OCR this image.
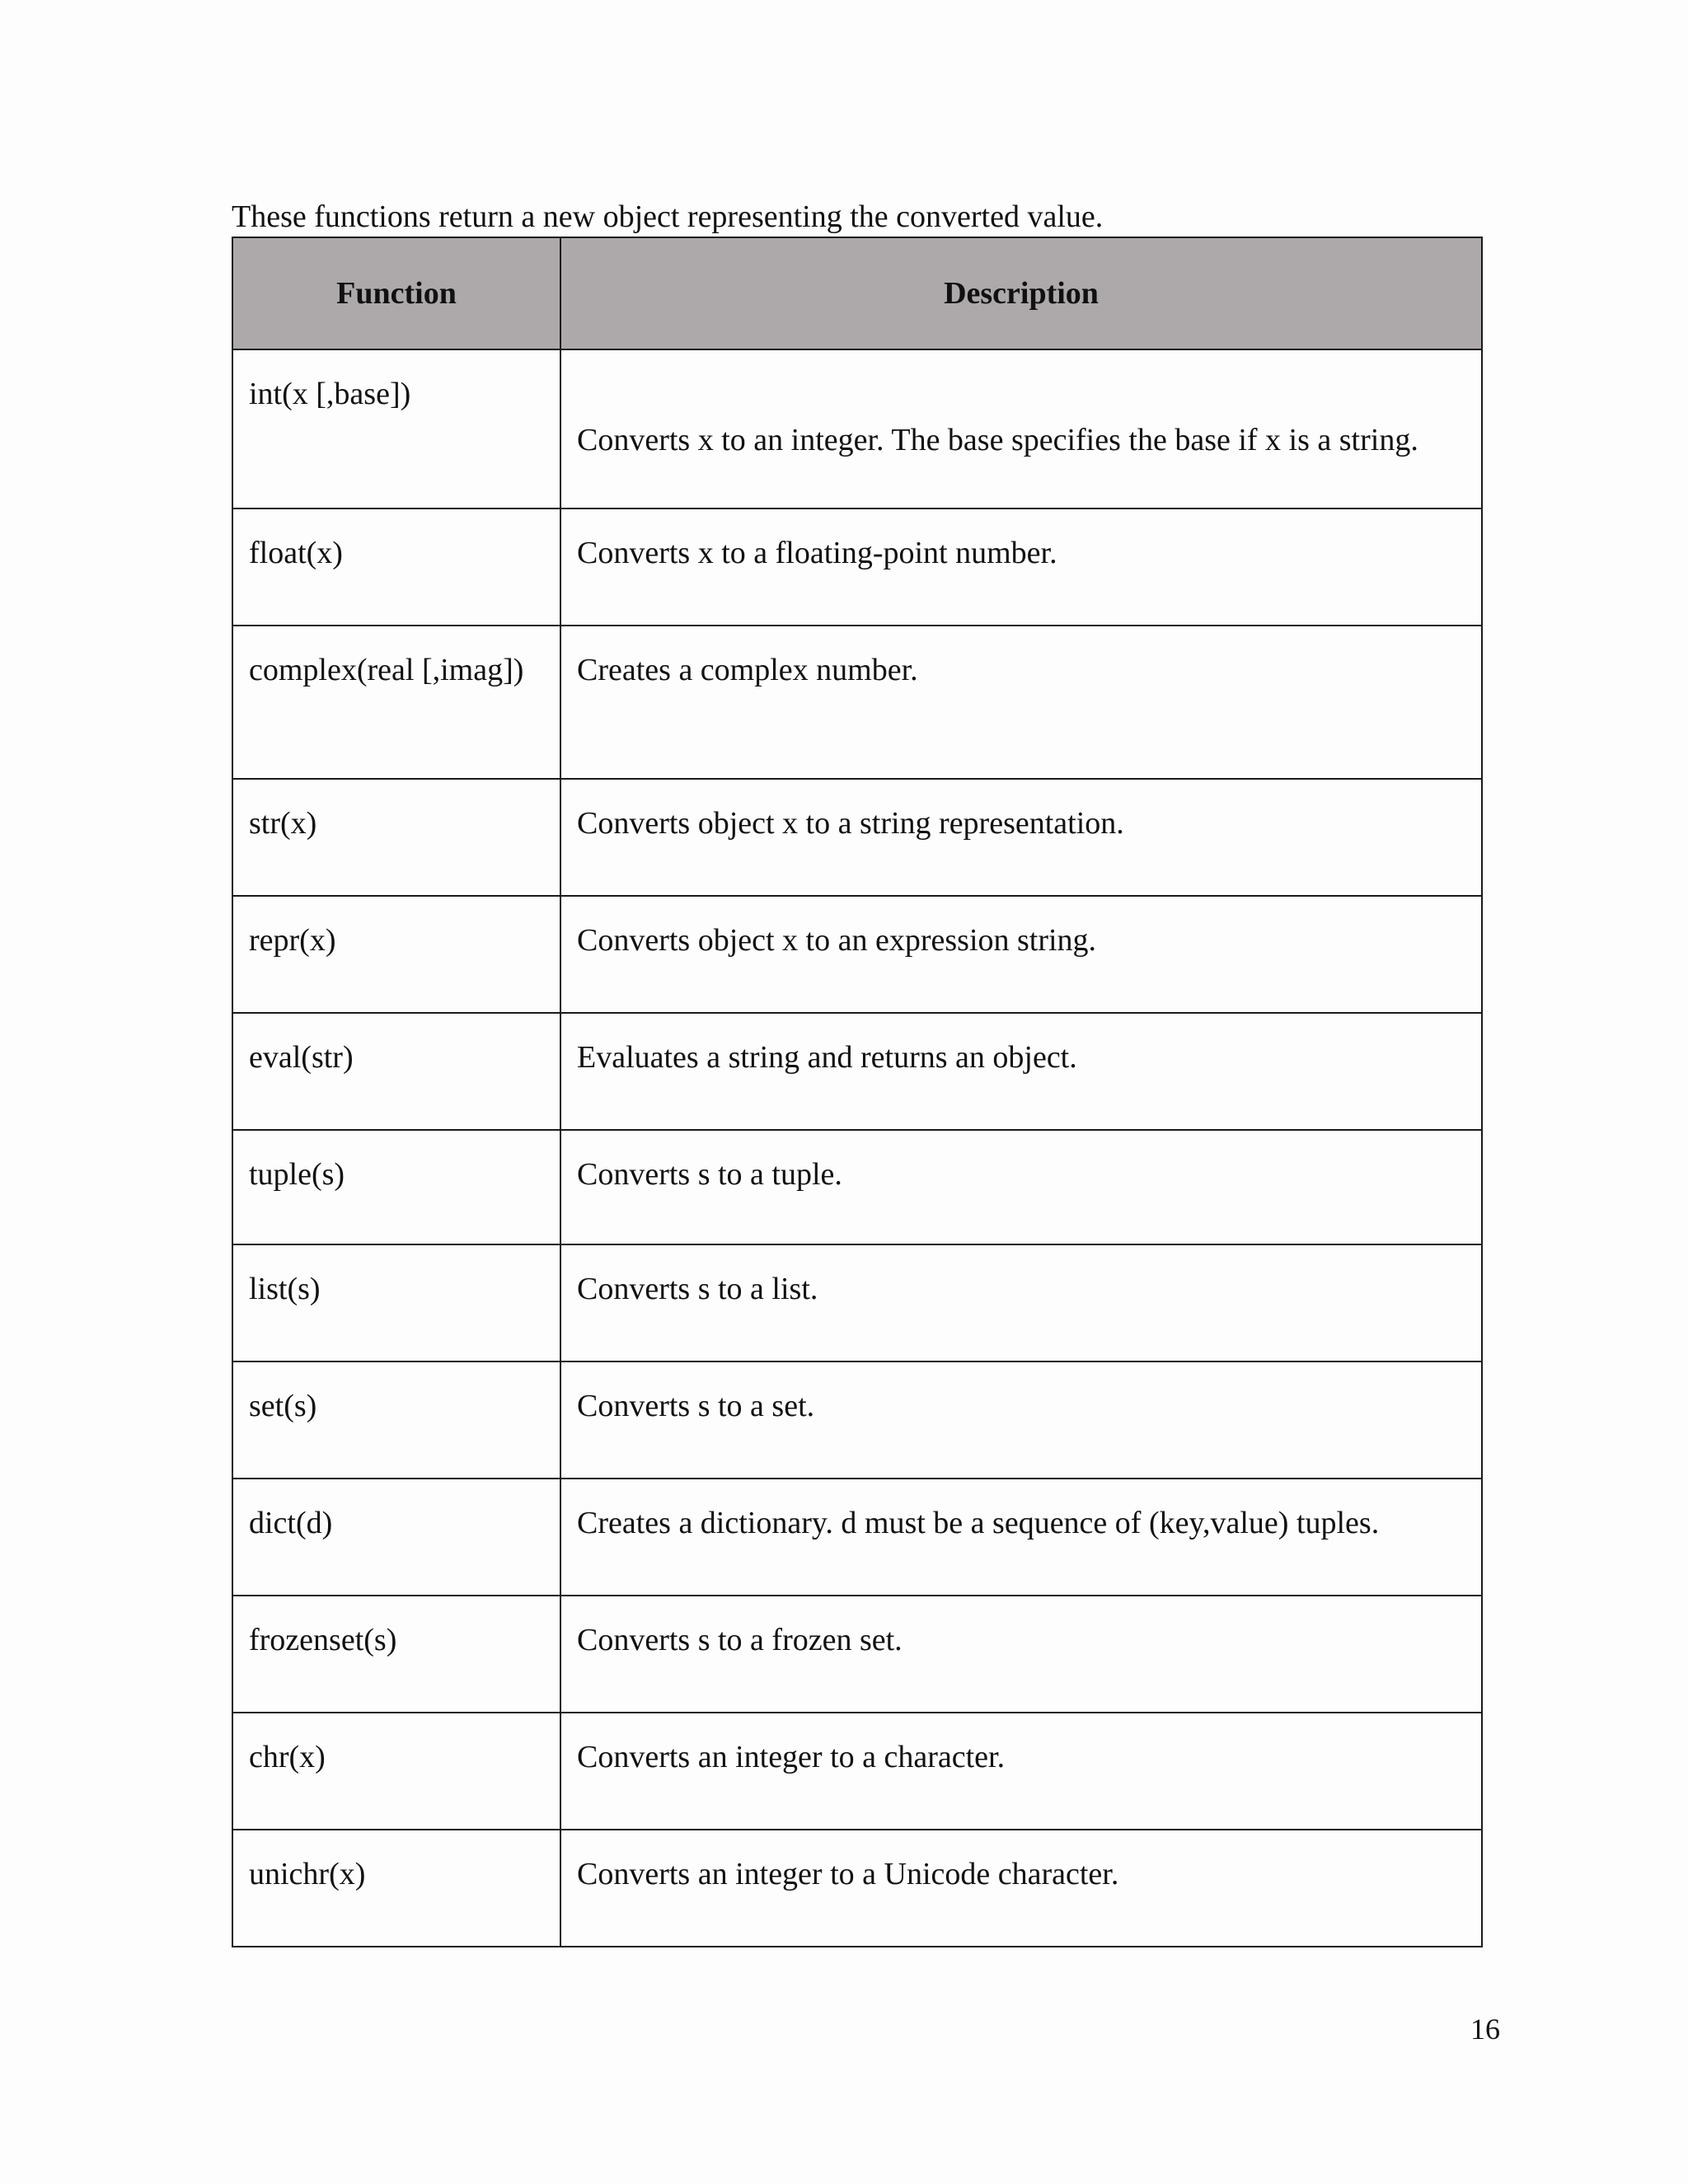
These functions return a new object representing the converted value.
Function	Description

int(x [,base])	Converts x to an integer. The base specifies the base if x is a string.

float(x)	Converts x to a floating-point number.

complex(real [,imag])	Creates a complex number.

str(x)	Converts object x to a string representation.

repr(x)	Converts object x to an expression string.

eval(str)	Evaluates a string and returns an object.

tuple(s)	Converts s to a tuple.

list(s)	Converts s to a list.

set(s)	Converts s to a set.

dict(d)	Creates a dictionary. d must be a sequence of (key,value) tuples.

frozenset(s)	Converts s to a frozen set.

chr(x)	Converts an integer to a character.

unichr(x)	Converts an integer to a Unicode character.
16
